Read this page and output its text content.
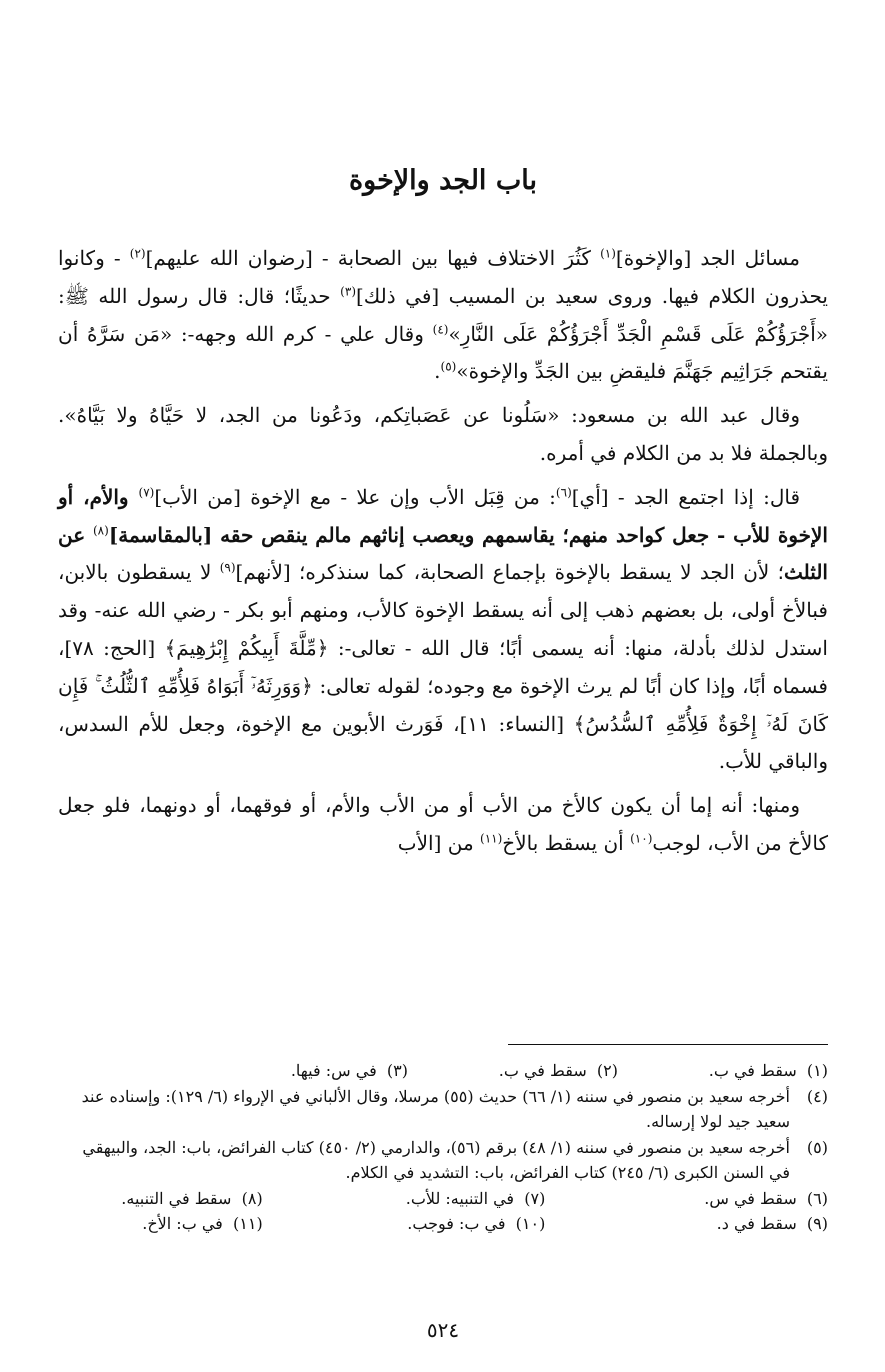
باب الجد والإخوة

مسائل الجد [والإخوة]$^{(١)}$ كَثُرَ الاختلاف فيها بين الصحابة - [رضوان الله عليهم]$^{(٢)}$ - وكانوا يحذرون الكلام فيها. وروى سعيد بن المسيب [في ذلك]$^{(٣)}$ حديثًا؛ قال: قال رسول الله ﷺ: «أَجْرَؤُكُمْ عَلَى قَسْمِ الْجَدِّ أَجْرَؤُكُمْ عَلَى النَّارِ»$^{(٤)}$ وقال علي - كرم الله وجهه-: «مَن سَرَّهُ أن يقتحم جَرَاثِيم جَهَنَّمَ فليقضِ بين الجَدِّ والإخوة»$^{(٥)}$.

وقال عبد الله بن مسعود: «سَلُونا عن عَصَباتِكم، ودَعُونا من الجد، لا حَيَّاهُ ولا بَيَّاهُ». وبالجملة فلا بد من الكلام في أمره.

قال: إذا اجتمع الجد - [أي]$^{(٦)}$: من قِبَل الأب وإن علا - مع الإخوة [من الأب]$^{(٧)}$ والأم، أو الإخوة للأب - جعل كواحد منهم؛ يقاسمهم ويعصب إناثهم مالم ينقص حقه [بالمقاسمة]$^{(٨)}$ عن الثلث؛ لأن الجد لا يسقط بالإخوة بإجماع الصحابة، كما سنذكره؛ [لأنهم]$^{(٩)}$ لا يسقطون بالابن، فبالأخ أولى، بل بعضهم ذهب إلى أنه يسقط الإخوة كالأب، ومنهم أبو بكر - رضي الله عنه- وقد استدل لذلك بأدلة، منها: أنه يسمى أبًا؛ قال الله - تعالى-: ﴿مِّلَّةَ أَبِيكُمْ إِبْرَٰهِيمَ﴾ [الحج: ٧٨]، فسماه أبًا، وإذا كان أبًا لم يرث الإخوة مع وجوده؛ لقوله تعالى: ﴿وَوَرِثَهُۥٓ أَبَوَاهُ فَلِأُمِّهِ ٱلثُّلُثُ ۚ فَإِن كَانَ لَهُۥٓ إِخْوَةٌ فَلِأُمِّهِ ٱلسُّدُسُ﴾ [النساء: ١١]، فَوَرث الأبوين مع الإخوة، وجعل للأم السدس، والباقي للأب.

ومنها: أنه إما أن يكون كالأخ من الأب أو من الأب والأم، أو فوقهما، أو دونهما، فلو جعل كالأخ من الأب، لوجب$^{(١٠)}$ أن يسقط بالأخ$^{(١١)}$ من [الأب

(١)  سقط في ب.
(٢)  سقط في ب.
(٣)  في س: فيها.
(٤)
أخرجه سعيد بن منصور في سننه (١/ ٦٦) حديث (٥٥) مرسلا، وقال الألباني في الإرواء (٦/ ١٢٩): وإسناده عند سعيد جيد لولا إرساله.
(٥)
أخرجه سعيد بن منصور في سننه (١/ ٤٨) برقم (٥٦)، والدارمي (٢/ ٤٥٠) كتاب الفرائض، باب: الجد، والبيهقي في السنن الكبرى (٦/ ٢٤٥) كتاب الفرائض، باب: التشديد في الكلام.
(٦)  سقط في س.
(٧)  في التنبيه: للأب.
(٨)  سقط في التنبيه.
(٩)  سقط في د.
(١٠)  في ب: فوجب.
(١١)  في ب: الأخ.
٥٢٤
